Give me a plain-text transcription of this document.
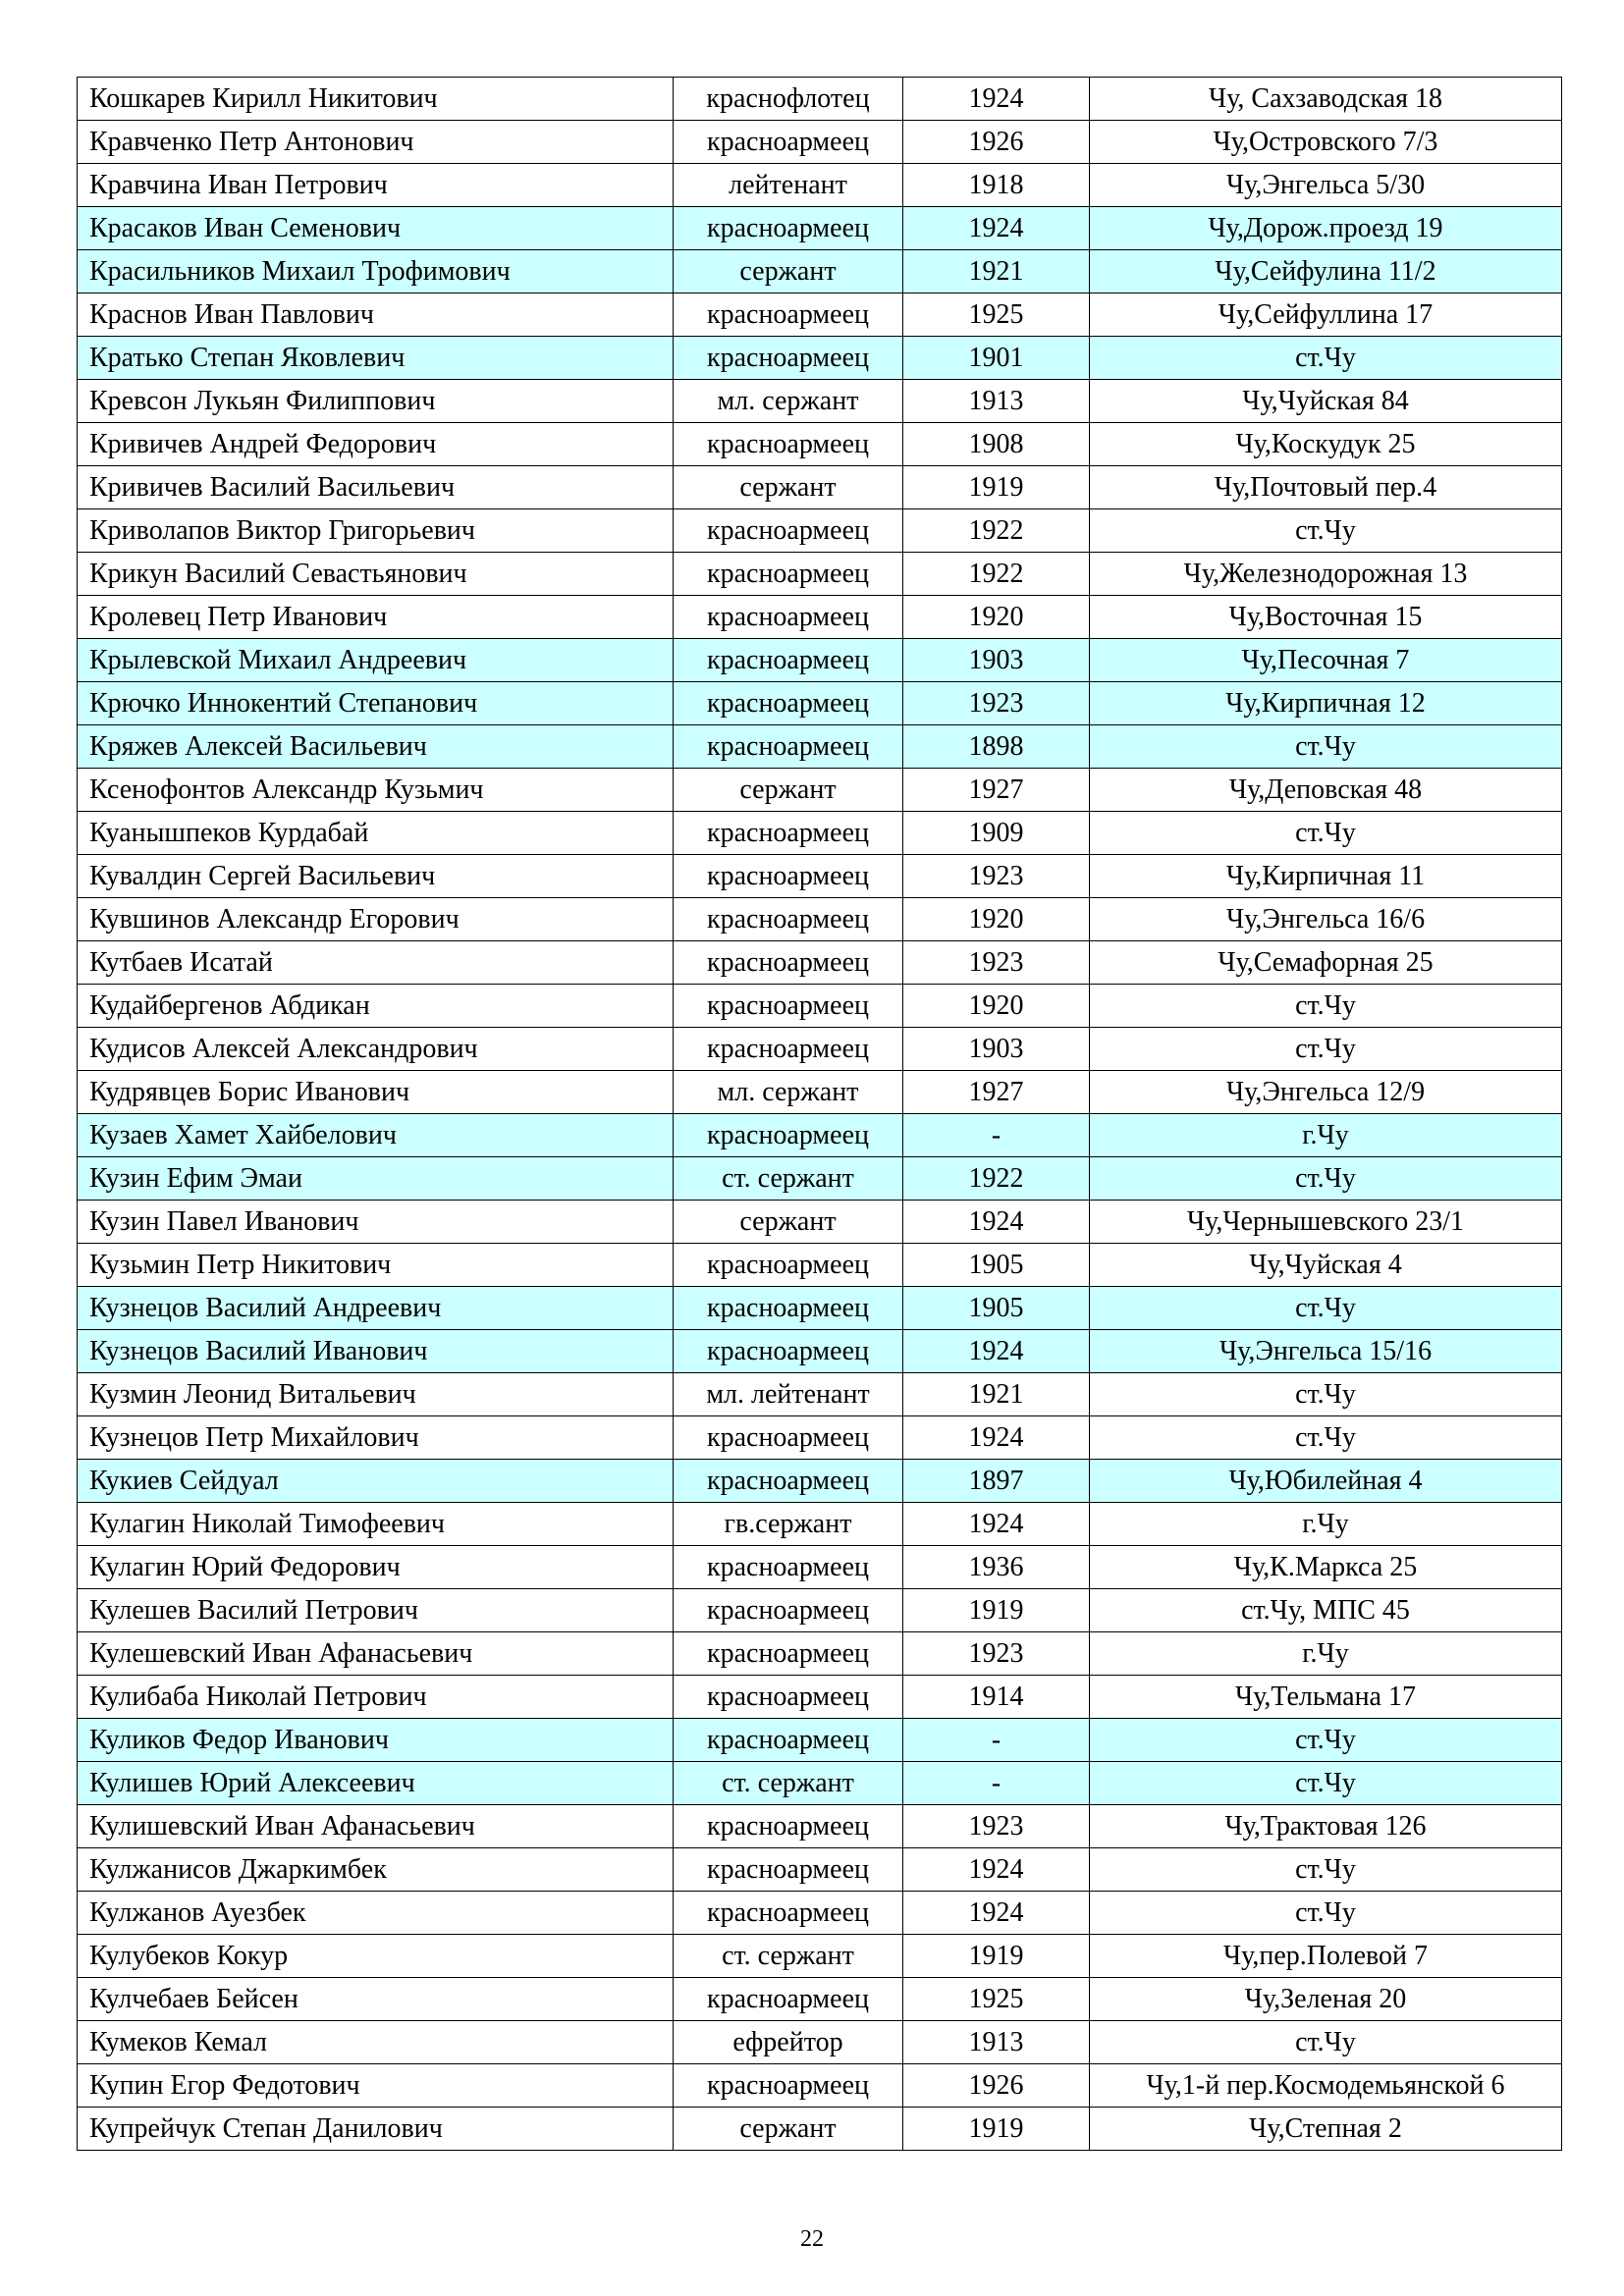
Кошкарев Кирилл Никитович	краснофлотец	1924	Чу, Сахзаводская 18
Кравченко Петр Антонович	красноармеец	1926	Чу,Островского 7/3
Кравчина Иван Петрович	лейтенант	1918	Чу,Энгельса 5/30
Красаков Иван Семенович	красноармеец	1924	Чу,Дорож.проезд 19
Красильников Михаил Трофимович	сержант	1921	Чу,Сейфулина 11/2
Краснов Иван Павлович	красноармеец	1925	Чу,Сейфуллина 17
Кратько Степан Яковлевич	красноармеец	1901	ст.Чу
Кревсон Лукьян Филиппович	мл. сержант	1913	Чу,Чуйская 84
Кривичев Андрей Федорович	красноармеец	1908	Чу,Коскудук 25
Кривичев Василий Васильевич	сержант	1919	Чу,Почтовый пер.4
Криволапов Виктор Григорьевич	красноармеец	1922	ст.Чу
Крикун Василий Севастьянович	красноармеец	1922	Чу,Железнодорожная 13
Кролевец Петр Иванович	красноармеец	1920	Чу,Восточная 15
Крылевской Михаил Андреевич	красноармеец	1903	Чу,Песочная 7
Крючко Иннокентий Степанович	красноармеец	1923	Чу,Кирпичная 12
Кряжев Алексей Васильевич	красноармеец	1898	ст.Чу
Ксенофонтов Александр Кузьмич	сержант	1927	Чу,Деповская 48
Куанышпеков Курдабай	красноармеец	1909	ст.Чу
Кувалдин Сергей Васильевич	красноармеец	1923	Чу,Кирпичная 11
Кувшинов Александр Егорович	красноармеец	1920	Чу,Энгельса 16/6
Кутбаев Исатай	красноармеец	1923	Чу,Семафорная 25
Кудайбергенов Абдикан	красноармеец	1920	ст.Чу
Кудисов Алексей Александрович	красноармеец	1903	ст.Чу
Кудрявцев Борис Иванович	мл. сержант	1927	Чу,Энгельса 12/9
Кузаев Хамет Хайбелович	красноармеец	-	г.Чу
Кузин Ефим Эмаи	ст. сержант	1922	ст.Чу
Кузин Павел Иванович	сержант	1924	Чу,Чернышевского 23/1
Кузьмин Петр Никитович	красноармеец	1905	Чу,Чуйская 4
Кузнецов Василий Андреевич	красноармеец	1905	ст.Чу
Кузнецов Василий Иванович	красноармеец	1924	Чу,Энгельса 15/16
Кузмин Леонид Витальевич	мл. лейтенант	1921	ст.Чу
Кузнецов Петр Михайлович	красноармеец	1924	ст.Чу
Кукиев Сейдуал	красноармеец	1897	Чу,Юбилейная 4
Кулагин Николай Тимофеевич	гв.сержант	1924	г.Чу
Кулагин Юрий Федорович	красноармеец	1936	Чу,К.Маркса 25
Кулешев Василий Петрович	красноармеец	1919	ст.Чу, МПС 45
Кулешевский Иван Афанасьевич	красноармеец	1923	г.Чу
Кулибаба Николай Петрович	красноармеец	1914	Чу,Тельмана 17
Куликов Федор Иванович	красноармеец	-	ст.Чу
Кулишев Юрий Алексеевич	ст. сержант	-	ст.Чу
Кулишевский Иван Афанасьевич	красноармеец	1923	Чу,Трактовая 126
Кулжанисов Джаркимбек	красноармеец	1924	ст.Чу
Кулжанов Ауезбек	красноармеец	1924	ст.Чу
Кулубеков Кокур	ст. сержант	1919	Чу,пер.Полевой 7
Кулчебаев Бейсен	красноармеец	1925	Чу,Зеленая 20
Кумеков Кемал	ефрейтор	1913	ст.Чу
Купин Егор Федотович	красноармеец	1926	Чу,1-й пер.Космодемьянской 6
Купрейчук Степан Данилович	сержант	1919	Чу,Степная 2
22
